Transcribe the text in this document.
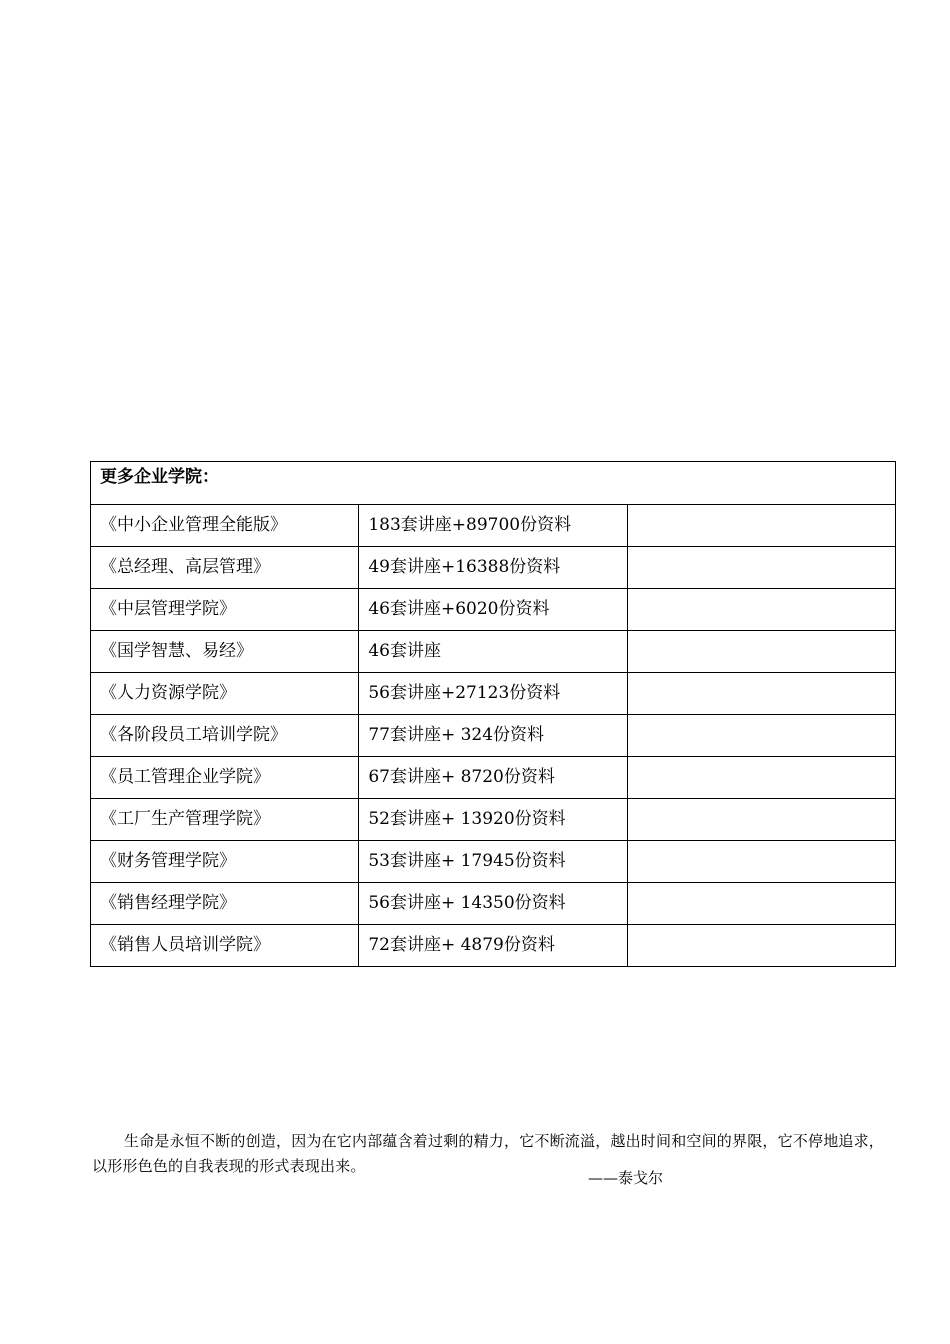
更多企业学院：		
《中小企业管理全能版》	183套讲座+89700份资料	
《总经理、高层管理》	49套讲座+16388份资料	
《中层管理学院》	46套讲座+6020份资料	
《国学智慧、易经》	46套讲座	
《人力资源学院》	56套讲座+27123份资料	
《各阶段员工培训学院》	77套讲座+ 324份资料	
《员工管理企业学院》	67套讲座+ 8720份资料	
《工厂生产管理学院》	52套讲座+ 13920份资料	
《财务管理学院》	53套讲座+ 17945份资料	
《销售经理学院》	56套讲座+ 14350份资料	
《销售人员培训学院》	72套讲座+ 4879份资料	

生命是永恒不断的创造，因为在它内部蕴含着过剩的精力，它不断流溢，越出时间和空间的界限，它不停地追求，以形形色色的自我表现的形式表现出来。

——泰戈尔
